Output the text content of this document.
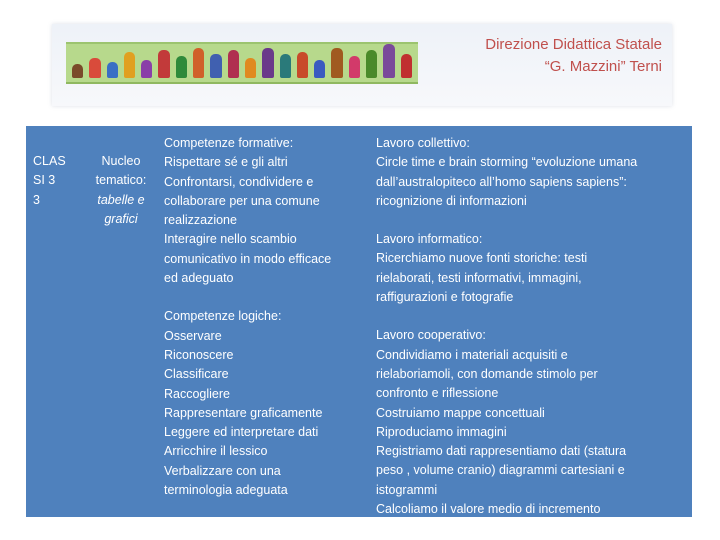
Direzione Didattica Statale
“G. Mazzini” Terni
CLAS
SI 3
3
Nucleo
tematico:
tabelle e
grafici
Competenze formative:
Rispettare sé e gli altri
Confrontarsi, condividere e
collaborare per una comune
realizzazione
Interagire nello scambio
comunicativo in modo efficace
ed adeguato
Competenze logiche:
Osservare
Riconoscere
Classificare
Raccogliere
Rappresentare graficamente
Leggere ed interpretare dati
Arricchire il lessico
Verbalizzare con una
terminologia adeguata
Lavoro collettivo:
Circle time e brain storming “evoluzione umana
dall’australopiteco all’homo sapiens sapiens”:
ricognizione di informazioni
Lavoro informatico:
Ricerchiamo nuove fonti storiche: testi
rielaborati, testi informativi, immagini,
raffigurazioni e fotografie
Lavoro cooperativo:
Condividiamo i materiali acquisiti e
rielaboriamoli, con domande stimolo per
confronto e riflessione
Costruiamo mappe concettuali
Riproduciamo immagini
Registriamo dati rappresentiamo dati (statura
peso , volume cranio) diagrammi cartesiani e
istogrammi
Calcoliamo il valore medio di incremento
